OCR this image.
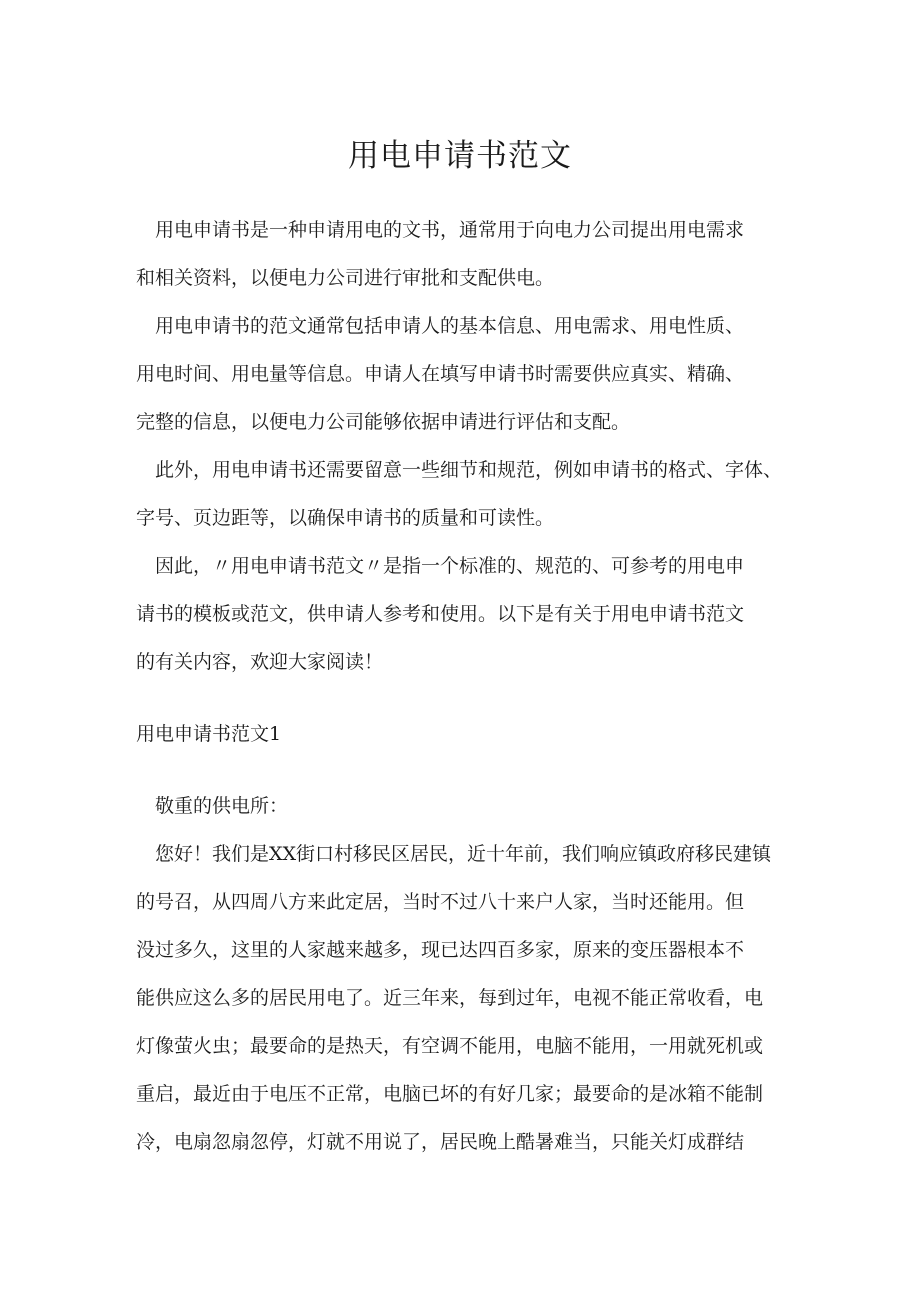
用电申请书范文

　用电申请书是一种申请用电的文书，通常用于向电力公司提出用电需求
和相关资料，以便电力公司进行审批和支配供电。

　用电申请书的范文通常包括申请人的基本信息、用电需求、用电性质、
用电时间、用电量等信息。申请人在填写申请书时需要供应真实、精确、
完整的信息，以便电力公司能够依据申请进行评估和支配。

　此外，用电申请书还需要留意一些细节和规范，例如申请书的格式、字体、
字号、页边距等，以确保申请书的质量和可读性。

　因此，〃用电申请书范文〃是指一个标准的、规范的、可参考的用电申
请书的模板或范文，供申请人参考和使用。以下是有关于用电申请书范文
的有关内容，欢迎大家阅读！

用电申请书范文1

　敬重的供电所：

　您好！我们是XX街口村移民区居民，近十年前，我们响应镇政府移民建镇
的号召，从四周八方来此定居，当时不过八十来户人家，当时还能用。但
没过多久，这里的人家越来越多，现已达四百多家，原来的变压器根本不
能供应这么多的居民用电了。近三年来，每到过年，电视不能正常收看，电
灯像萤火虫；最要命的是热天，有空调不能用，电脑不能用，一用就死机或
重启，最近由于电压不正常，电脑已坏的有好几家；最要命的是冰箱不能制
冷，电扇忽扇忽停，灯就不用说了，居民晚上酷暑难当，只能关灯成群结
